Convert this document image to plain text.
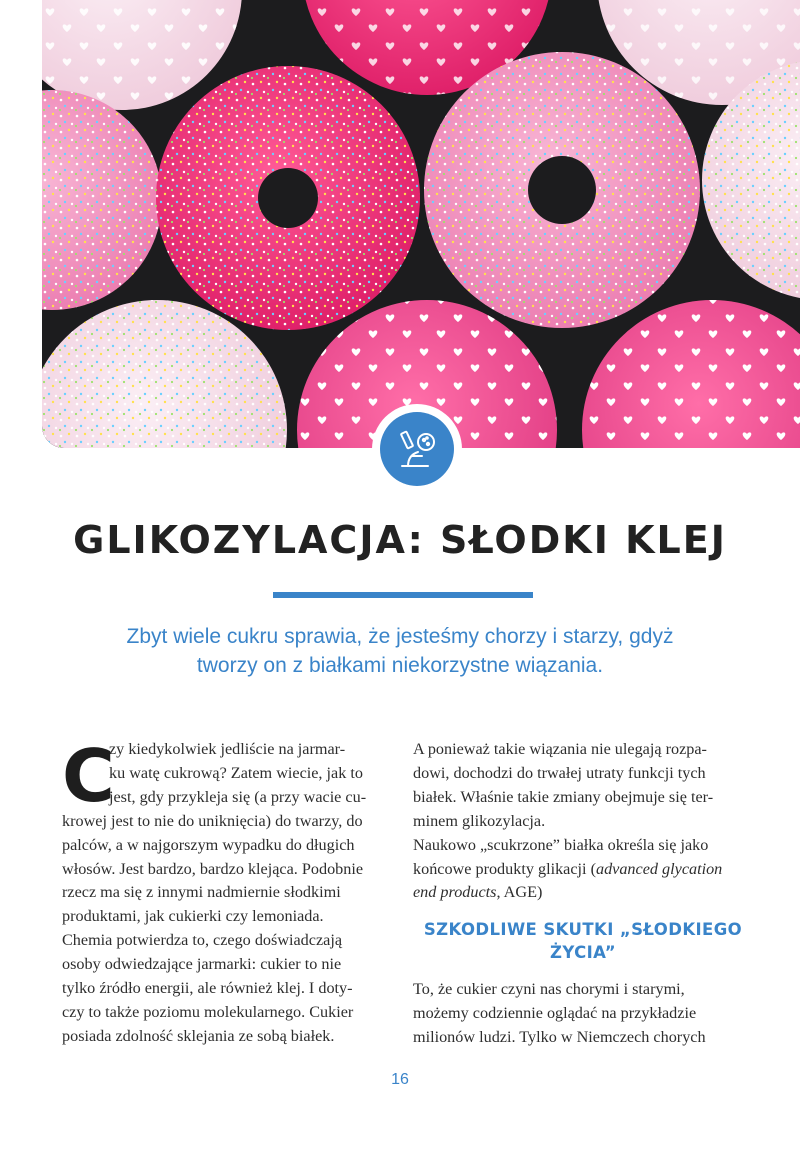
GLIKOZYLACJA: SŁODKI KLEJ
Zbyt wiele cukru sprawia, że jesteśmy chorzy i starzy, gdyż
tworzy on z białkami niekorzystne wiązania.
C
zy kiedykolwiek jedliście na jarmar-
ku watę cukrową? Zatem wiecie, jak to
jest, gdy przykleja się (a przy wacie cu-
krowej jest to nie do uniknięcia) do twarzy, do
palców, a w najgorszym wypadku do długich
włosów. Jest bardzo, bardzo klejąca. Podobnie
rzecz ma się z innymi nadmiernie słodkimi
produktami, jak cukierki czy lemoniada.
Chemia potwierdza to, czego doświadczają
osoby odwiedzające jarmarki: cukier to nie
tylko źródło energii, ale również klej. I doty-
czy to także poziomu molekularnego. Cukier
posiada zdolność sklejania ze sobą białek.
A ponieważ takie wiązania nie ulegają rozpa-
dowi, dochodzi do trwałej utraty funkcji tych
białek. Właśnie takie zmiany obejmuje się ter-
minem glikozylacja.
Naukowo „scukrzone” białka określa się jako
końcowe produkty glikacji (advanced glycation
end products, AGE)
SZKODLIWE SKUTKI „SŁODKIEGO
ŻYCIA”
To, że cukier czyni nas chorymi i starymi,
możemy codziennie oglądać na przykładzie
milionów ludzi. Tylko w Niemczech chorych
16
